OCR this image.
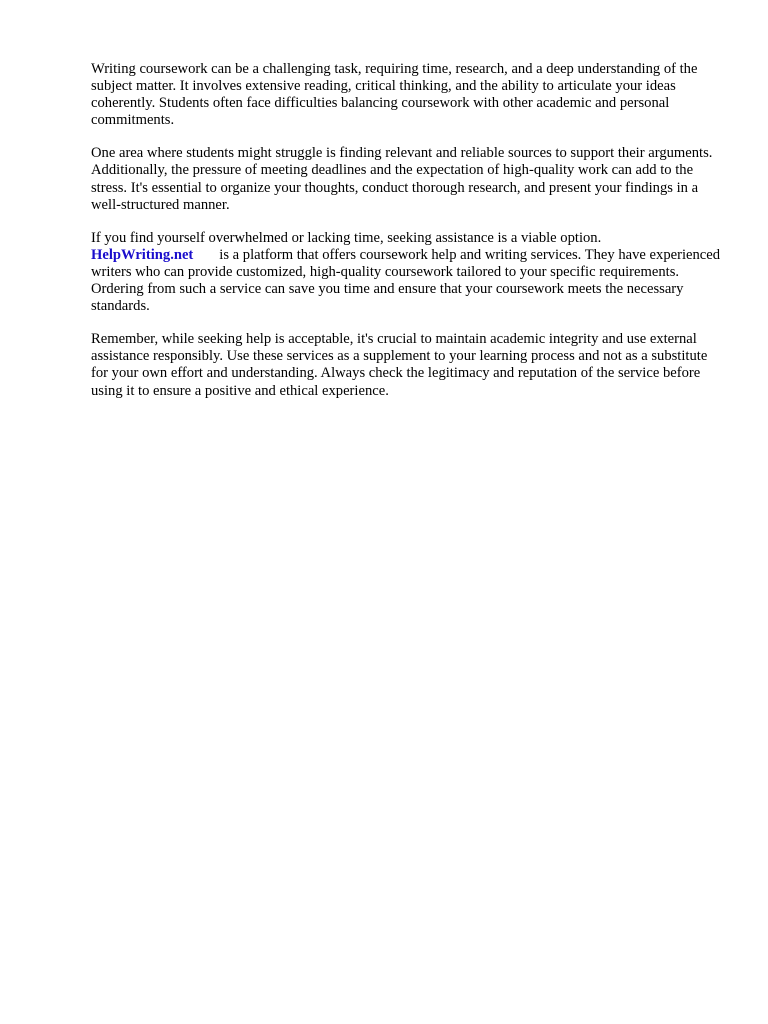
Writing coursework can be a challenging task, requiring time, research, and a deep understanding of the subject matter. It involves extensive reading, critical thinking, and the ability to articulate your ideas coherently. Students often face difficulties balancing coursework with other academic and personal commitments.

One area where students might struggle is finding relevant and reliable sources to support their arguments. Additionally, the pressure of meeting deadlines and the expectation of high-quality work can add to the stress. It's essential to organize your thoughts, conduct thorough research, and present your findings in a well-structured manner.

If you find yourself overwhelmed or lacking time, seeking assistance is a viable option.
HelpWriting.net is a platform that offers coursework help and writing services. They have experienced writers who can provide customized, high-quality coursework tailored to your specific requirements. Ordering from such a service can save you time and ensure that your coursework meets the necessary standards.

Remember, while seeking help is acceptable, it's crucial to maintain academic integrity and use external assistance responsibly. Use these services as a supplement to your learning process and not as a substitute for your own effort and understanding. Always check the legitimacy and reputation of the service before using it to ensure a positive and ethical experience.
